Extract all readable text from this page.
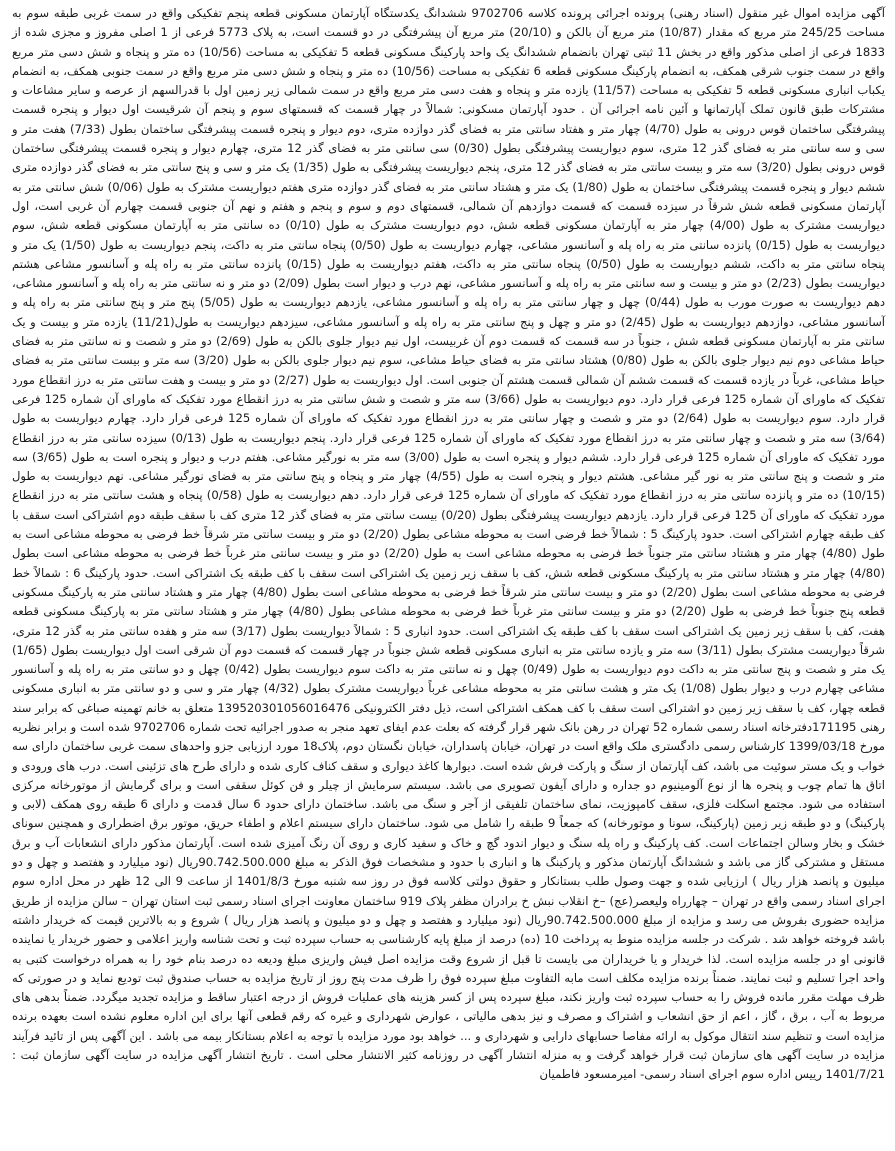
آگهی مزایده اموال غیر منقول (اسناد رهنی) پرونده اجرائی پرونده کلاسه 9702706 ششدانگ یکدستگاه آپارتمان مسکونی قطعه پنجم تفکیکی واقع در سمت غربی طبقه سوم به مساحت 245/25 متر مربع که مقدار (10/87) متر مربع آن بالکن و (20/10) متر مربع آن پیشرفتگی در دو قسمت است، به پلاک 5773 فرعی از 1 اصلی مفروز و مجزی شده از 1833 فرعی از اصلی مذکور واقع در بخش 11 ثبتی تهران بانضمام ششدانگ یک واحد پارکینگ مسکونی قطعه 5 تفکیکی به مساحت (10/56) ده متر و پنجاه و شش دسی متر مربع واقع در سمت جنوب شرقی همکف، به انضمام پارکینگ مسکونی قطعه 6 تفکیکی به مساحت (10/56) ده متر و پنجاه و شش دسی متر مربع واقع در سمت جنوبی همکف، به انضمام یکباب انباری مسکونی قطعه 5 تفکیکی به مساحت (11/57) یازده متر و پنجاه و هفت دسی متر مربع واقع در سمت شمالی زیر زمین اول با قدرالسهم از عرصه و سایر مشاعات و مشترکات طبق قانون تملک آپارتمانها و آئین نامه اجرائی آن . حدود آپارتمان مسکونی: شمالاً در چهار قسمت که قسمتهای سوم و پنجم آن شرقیست اول دیوار و پنجره قسمت پیشرفتگی ساختمان قوس درونی به طول (4/70) چهار متر و هفتاد سانتی متر به فضای گذر دوازده متری، دوم دیوار و پنجره قسمت پیشرفتگی ساختمان بطول (7/33) هفت متر و سی و سه سانتی متر به فضای گذر 12 متری، سوم دیواریست پیشرفتگی بطول (0/30) سی سانتی متر به فضای گذر 12 متری، چهارم دیوار و پنجره قسمت پیشرفتگی ساختمان قوس درونی بطول (3/20) سه متر و بیست سانتی متر به فضای گذر 12 متری، پنجم دیواریست پیشرفتگی به طول (1/35) یک متر و سی و پنج سانتی متر به فضای گذر دوازده متری ششم دیوار و پنجره قسمت پیشرفتگی ساختمان به طول (1/80) یک متر و هشتاد سانتی متر به فضای گذر دوازده متری هفتم دیواریست مشترک به طول (0/06) شش سانتی متر به آپارتمان مسکونی قطعه شش شرقاً در سیزده قسمت که قسمت دوازدهم آن شمالی، قسمتهای دوم و سوم و پنجم و هفتم و نهم آن جنوبی قسمت چهارم آن غربی است، اول دیواریست مشترک به طول (4/00) چهار متر به آپارتمان مسکونی قطعه شش، دوم دیواریست مشترک به طول (0/10) ده سانتی متر به آپارتمان مسکونی قطعه شش، سوم دیواریست به طول (0/15) پانزده سانتی متر به راه پله و آسانسور مشاعی، چهارم دیواریست به طول (0/50) پنجاه سانتی متر به داکت، پنجم دیواریست به طول (1/50) یک متر و پنجاه سانتی متر به داکت، ششم دیواریست به طول (0/50) پنجاه سانتی متر به داکت، هفتم دیواریست به طول (0/15) پانزده سانتی متر به راه پله و آسانسور مشاعی هشتم دیواریست بطول (2/23) دو متر و بیست و سه سانتی متر به راه پله و آسانسور مشاعی، نهم درب و دیوار است بطول (2/09) دو متر و نه سانتی متر به راه پله و آسانسور مشاعی، دهم دیواریست به صورت مورب به طول (0/44) چهل و چهار سانتی متر به راه پله و آسانسور مشاعی، یازدهم دیواریست به طول (5/05) پنج متر و پنج سانتی متر به راه پله و آسانسور مشاعی، دوازدهم دیواریست به طول (2/45) دو متر و چهل و پنج سانتی متر به راه پله و آسانسور مشاعی، سیزدهم دیواریست به طول(11/21) یازده متر و بیست و یک سانتی متر به آپارتمان مسکونی قطعه شش ، جنوباً در سه قسمت که قسمت دوم آن غربیست، اول نیم دیوار جلوی بالکن به طول (2/69) دو متر و شصت و نه سانتی متر به فضای حیاط مشاعی دوم نیم دیوار جلوی بالکن به طول (0/80) هشتاد سانتی متر به فضای حیاط مشاعی، سوم نیم دیوار جلوی بالکن به طول (3/20) سه متر و بیست سانتی متر به فضای حیاط مشاعی، غرباً در یازده قسمت که قسمت ششم آن شمالی قسمت هشتم آن جنوبی است. اول دیواریست به طول (2/27) دو متر و بیست و هفت سانتی متر به درز انقطاع مورد تفکیک که ماورای آن شماره 125 فرعی قرار دارد. دوم دیواریست به طول (3/66) سه متر و شصت و شش سانتی متر به درز انقطاع مورد تفکیک که ماورای آن شماره 125 فرعی قرار دارد. سوم دیواریست به طول (2/64) دو متر و شصت و چهار سانتی متر به درز انقطاع مورد تفکیک که ماورای آن شماره 125 فرعی قرار دارد. چهارم دیواریست به طول (3/64) سه متر و شصت و چهار سانتی متر به درز انقطاع مورد تفکیک که ماورای آن شماره 125 فرعی قرار دارد. پنجم دیواریست به طول (0/13) سیزده سانتی متر به درز انقطاع مورد تفکیک که ماورای آن شماره 125 فرعی قرار دارد. ششم دیوار و پنجره است به طول (3/00) سه متر به نورگیر مشاعی. هفتم درب و دیوار و پنجره است به طول (3/65) سه متر و شصت و پنج سانتی متر به نور گیر مشاعی. هشتم دیوار و پنجره است به طول (4/55) چهار متر و پنجاه و پنج سانتی متر به فضای نورگیر مشاعی. نهم دیواریست به طول (10/15) ده متر و پانزده سانتی متر به درز انقطاع مورد تفکیک که ماورای آن شماره 125 فرعی قرار دارد. دهم دیواریست به طول (0/58) پنجاه و هشت سانتی متر به درز انقطاع مورد تفکیک که ماورای آن 125 فرعی قرار دارد. یازدهم دیواریست پیشرفتگی بطول (0/20) بیست سانتی متر به فضای گذر 12 متری کف با سقف طبقه دوم اشتراکی است سقف با کف طبقه چهارم اشتراکی است. حدود پارکینگ 5 : شمالاً خط فرضی است به محوطه مشاعی بطول (2/20) دو متر و بیست سانتی متر شرقاً خط فرضی به محوطه مشاعی است به طول (4/80) چهار متر و هشتاد سانتی متر جنوباً خط فرضی به محوطه مشاعی است به طول (2/20) دو متر و بیست سانتی متر غرباً خط فرضی به محوطه مشاعی است بطول (4/80) چهار متر و هشتاد سانتی متر به پارکینگ مسکونی قطعه شش، کف با سقف زیر زمین یک اشتراکی است سقف با کف طبقه یک اشتراکی است. حدود پارکینگ 6 : شمالاً خط فرضی به محوطه مشاعی است بطول (2/20) دو متر و بیست سانتی متر شرقاً خط فرضی به محوطه مشاعی است بطول (4/80) چهار متر و هشتاد سانتی متر به پارکینگ مسکونی قطعه پنج جنوباً خط فرضی به طول (2/20) دو متر و بیست سانتی متر غرباً خط فرضی به محوطه مشاعی بطول (4/80) چهار متر و هشتاد سانتی متر به پارکینگ مسکونی قطعه هفت، کف با سقف زیر زمین یک اشتراکی است سقف با کف طبقه یک اشتراکی است. حدود انباری 5 : شمالاً دیواریست بطول (3/17) سه متر و هفده سانتی متر به گذر 12 متری، شرقاً دیواریست مشترک بطول (3/11) سه متر و یازده سانتی متر به انباری مسکونی قطعه شش جنوباً در چهار قسمت که قسمت دوم آن شرقی است اول دیواریست بطول (1/65) یک متر و شصت و پنج سانتی متر به داکت دوم دیواریست به طول (0/49) چهل و نه سانتی متر به داکت سوم دیواریست بطول (0/42) چهل و دو سانتی متر به راه پله و آسانسور مشاعی چهارم درب و دیوار بطول (1/08) یک متر و هشت سانتی متر به محوطه مشاعی غرباً دیواریست مشترک بطول (4/32) چهار متر و سی و دو سانتی متر به انباری مسکونی قطعه چهار، کف با سقف زیر زمین دو اشتراکی است سقف با کف همکف اشتراکی است، ذیل دفتر الکترونیکی 139520301056016476 متعلق به خانم تهمینه صباغی که برابر سند رهنی 171195دفترخانه اسناد رسمی شماره 52 تهران در رهن بانک شهر قرار گرفته که بعلت عدم ایفای تعهد منجر به صدور اجرائیه تحت شماره 9702706 شده است و برابر نظریه مورخ 1399/03/18 کارشناس رسمی دادگستری ملک واقع است در تهران، خیابان پاسداران، خیابان نگستان دوم، پلاک18 مورد ارزیابی جزو واحدهای سمت غربی ساختمان دارای سه خواب و یک مستر سوئیت می باشد، کف آپارتمان از سنگ و پارکت فرش شده است. دیوارها کاغذ دیواری و سقف کناف کاری شده و دارای طرح های تزئینی است. درب های ورودی و اتاق ها تمام چوب و پنجره ها از نوع آلومینیوم دو جداره و دارای آیفون تصویری می باشد. سیستم سرمایش از چیلر و فن کوئل سقفی است و برای گرمایش از موتورخانه مرکزی استفاده می شود. مجتمع اسکلت فلزی، سقف کامپوزیت، نمای ساختمان تلفیقی از آجر و سنگ می باشد. ساختمان دارای حدود 6 سال قدمت و دارای 6 طبقه روی همکف (لابی و پارکینگ) و دو طبقه زیر زمین (پارکینگ، سونا و موتورخانه) که جمعاً 9 طبقه را شامل می شود. ساختمان دارای سیستم اعلام و اطفاء حریق، موتور برق اضطراری و همچنین سونای خشک و بخار وسالن اجتماعات است. کف پارکینگ و راه پله سنگ و دیوار اندود گچ و خاک و سفید کاری و روی آن رنگ آمیزی شده است. آپارتمان مذکور دارای انشعابات آب و برق مستقل و مشترکی گاز می باشد و ششدانگ آپارتمان مذکور و پارکینگ ها و انباری با حدود و مشخصات فوق الذکر به مبلغ 90.742.500.000ریال (نود میلیارد و هفتصد و چهل و دو میلیون و پانصد هزار ریال ) ارزیابی شده و جهت وصول طلب بستانکار و حقوق دولتی کلاسه فوق در روز سه شنبه مورخ 1401/8/3 از ساعت 9 الی 12 ظهر در محل اداره سوم اجرای اسناد رسمی واقع در تهران – چهارراه ولیعصر(عج) –خ انقلاب نبش خ برادران مظفر پلاک 919 ساختمان معاونت اجرای اسناد رسمی ثبت استان تهران – سالن مزایده از طریق مزایده حضوری بفروش می رسد و مزایده از مبلغ 90.742.500.000ریال (نود میلیارد و هفتصد و چهل و دو میلیون و پانصد هزار ریال ) شروع و به بالاترین قیمت که خریدار داشته باشد فروخته خواهد شد . شرکت در جلسه مزایده منوط به پرداخت 10 (ده) درصد از مبلغ پایه کارشناسی به حساب سپرده ثبت و تحت شناسه واریز اعلامی و حضور خریدار یا نماینده قانونی او در جلسه مزایده است. لذا خریدار و یا خریداران می بایست تا قبل از شروع وقت مزایده اصل فیش واریزی مبلغ ودیعه ده درصد بنام خود را به همراه درخواست کتبی به واحد اجرا تسلیم و ثبت نمایند. ضمناً برنده مزایده مکلف است مابه التفاوت مبلغ سپرده فوق را ظرف مدت پنج روز از تاریخ مزایده به حساب صندوق ثبت تودیع نماید و در صورتی که ظرف مهلت مقرر مانده فروش را به حساب سپرده ثبت واریز نکند، مبلغ سپرده پس از کسر هزینه های عملیات فروش از درجه اعتبار ساقط و مزایده تجدید میگردد. ضمناً بدهی های مربوط به آب ، برق ، گاز ، اعم از حق انشعاب و اشتراک و مصرف و نیز بدهی مالیاتی ، عوارض شهرداری و غیره که رقم قطعی آنها برای این اداره معلوم نشده است بعهده برنده مزایده است و تنظیم سند انتقال موکول به ارائه مفاصا حسابهای دارایی و شهرداری و ... خواهد بود مورد مزایده با توجه به اعلام بستانکار بیمه می باشد . این آگهی پس از تائید فرآیند مزایده در سایت آگهی های سازمان ثبت قرار خواهد گرفت و به منزله انتشار آگهی در روزنامه کثیر الانتشار محلی است . تاریخ انتشار آگهی مزایده در سایت آگهی سازمان ثبت : 1401/7/21 رییس اداره سوم اجرای اسناد رسمی- امیرمسعود فاطمیان
